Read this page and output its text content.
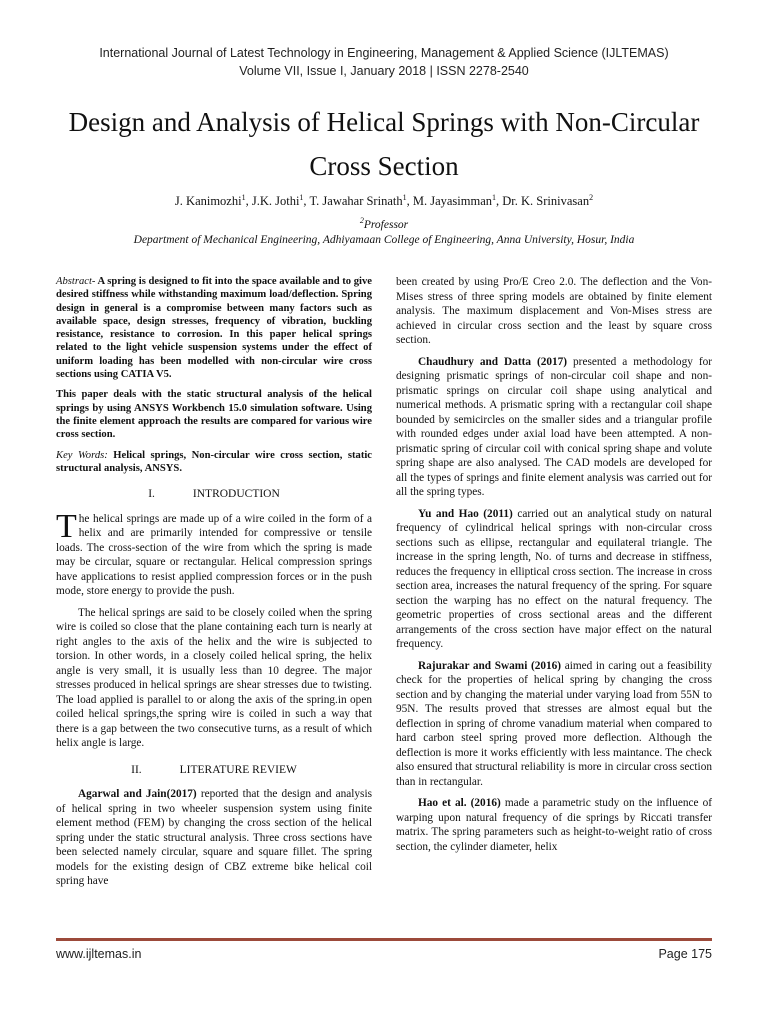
International Journal of Latest Technology in Engineering, Management & Applied Science (IJLTEMAS)
Volume VII, Issue I, January 2018 | ISSN 2278-2540
Design and Analysis of Helical Springs with Non-Circular Cross Section
J. Kanimozhi$^1$, J.K. Jothi$^1$, T. Jawahar Srinath$^1$, M. Jayasimman$^1$, Dr. K. Srinivasan$^2$
$^2$Professor
Department of Mechanical Engineering, Adhiyamaan College of Engineering, Anna University, Hosur, India

Abstract- A spring is designed to fit into the space available and to give desired stiffness while withstanding maximum load/deflection. Spring design in general is a compromise between many factors such as available space, design stresses, frequency of vibration, buckling resistance, resistance to corrosion. In this paper helical springs related to the light vehicle suspension systems under the effect of uniform loading has been modelled with non-circular wire cross sections using CATIA V5.

This paper deals with the static structural analysis of the helical springs by using ANSYS Workbench 15.0 simulation software. Using the finite element approach the results are compared for various wire cross section.

Key Words: Helical springs, Non-circular wire cross section, static structural analysis, ANSYS.

I.	INTRODUCTION

The helical springs are made up of a wire coiled in the form of a helix and are primarily intended for compressive or tensile loads. The cross-section of the wire from which the spring is made may be circular, square or rectangular. Helical compression springs have applications to resist applied compression forces or in the push mode, store energy to provide the push.

The helical springs are said to be closely coiled when the spring wire is coiled so close that the plane containing each turn is nearly at right angles to the axis of the helix and the wire is subjected to torsion. In other words, in a closely coiled helical spring, the helix angle is very small, it is usually less than 10 degree. The major stresses produced in helical springs are shear stresses due to twisting. The load applied is parallel to or along the axis of the spring.in open coiled helical springs,the spring wire is coiled in such a way that there is a gap between the two consecutive turns, as a result of which helix angle is large.

II.	LITERATURE REVIEW

Agarwal and Jain(2017) reported that the design and analysis of helical spring in two wheeler suspension system using finite element method (FEM) by changing the cross section of the helical spring under the static structural analysis. Three cross sections have been selected namely circular, square and square fillet. The spring models for the existing design of CBZ extreme bike helical coil spring have

been created by using Pro/E Creo 2.0. The deflection and the Von-Mises stress of three spring models are obtained by finite element analysis. The maximum displacement and Von-Mises stress are achieved in circular cross section and the least by square cross section.

Chaudhury and Datta (2017) presented a methodology for designing prismatic springs of non-circular coil shape and non-prismatic springs on circular coil shape using analytical and numerical methods. A prismatic spring with a rectangular coil shape bounded by semicircles on the smaller sides and a triangular profile with rounded edges under axial load have been attempted. A non-prismatic spring of circular coil with conical spring shape and volute spring shape are also analysed. The CAD models are developed for all the types of springs and finite element analysis was carried out for all the spring types.

Yu and Hao (2011) carried out an analytical study on natural frequency of cylindrical helical springs with non-circular cross sections such as ellipse, rectangular and equilateral triangle. The increase in the spring length, No. of turns and decrease in stiffness, reduces the frequency in elliptical cross section. The increase in cross section area, increases the natural frequency of the spring. For square section the warping has no effect on the natural frequency. The geometric properties of cross sectional areas and the different arrangements of the cross section have major effect on the natural frequency.

Rajurakar and Swami (2016) aimed in caring out a feasibility check for the properties of helical spring by changing the cross section and by changing the material under varying load from 55N to 95N. The results proved that stresses are almost equal but the deflection in spring of chrome vanadium material when compared to hard carbon steel spring proved more deflection. Although the deflection is more it works efficiently with less maintance. The check also ensured that structural reliability is more in circular cross section than in rectangular.

Hao et al. (2016) made a parametric study on the influence of warping upon natural frequency of die springs by Riccati transfer matrix. The spring parameters such as height-to-weight ratio of cross section, the cylinder diameter, helix

www.ijltemas.in	Page 175
